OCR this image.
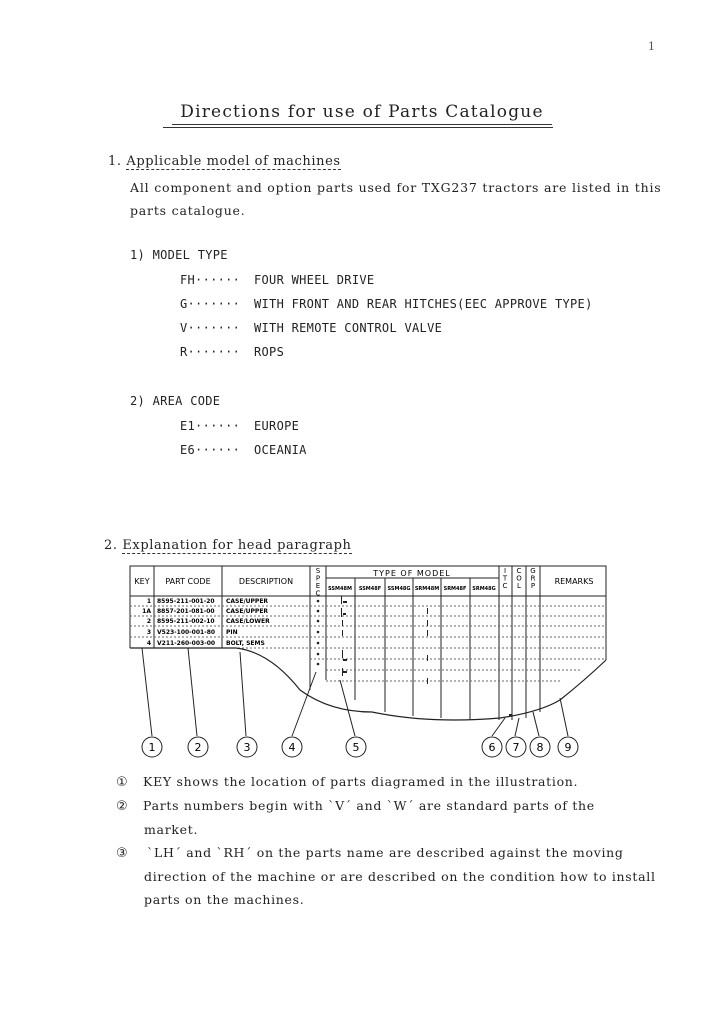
1
Directions for use of Parts Catalogue
1. Applicable model of machines
All component and option parts used for TXG237 tractors are listed in this
parts catalogue.
1) MODEL TYPE
FH······ FOUR WHEEL DRIVE
G······· WITH FRONT AND REAR HITCHES(EEC APPROVE TYPE)
V······· WITH REMOTE CONTROL VALVE
R······· ROPS
2) AREA CODE
E1······ EUROPE
E6······ OCEANIA
2. Explanation for head paragraph
KEY PART CODE	DESCRIPTION
S P E C
TYPE OF MODEL
SSM48M SSM48F SSM48G SRM48M SRM48F SRM48G
I T C
C O L
G R P REMARKS
1 8595-211-001-20 CASE/UPPER
1A 8857-201-081-00 CASE/UPPER
2 8595-211-002-10 CASE/LOWER
3 V523-100-001-80 PIN
4 V211-260-003-00 BOLT, SEMS
1	2	3	4	5	6 7 8 9
① KEY shows the location of parts diagramed in the illustration.
② Parts numbers begin with ˋV´ and ˋW´ are standard parts of the
market.
③ ˋLH´ and ˋRH´ on the parts name are described against the moving
direction of the machine or are described on the condition how to install
parts on the machines.
